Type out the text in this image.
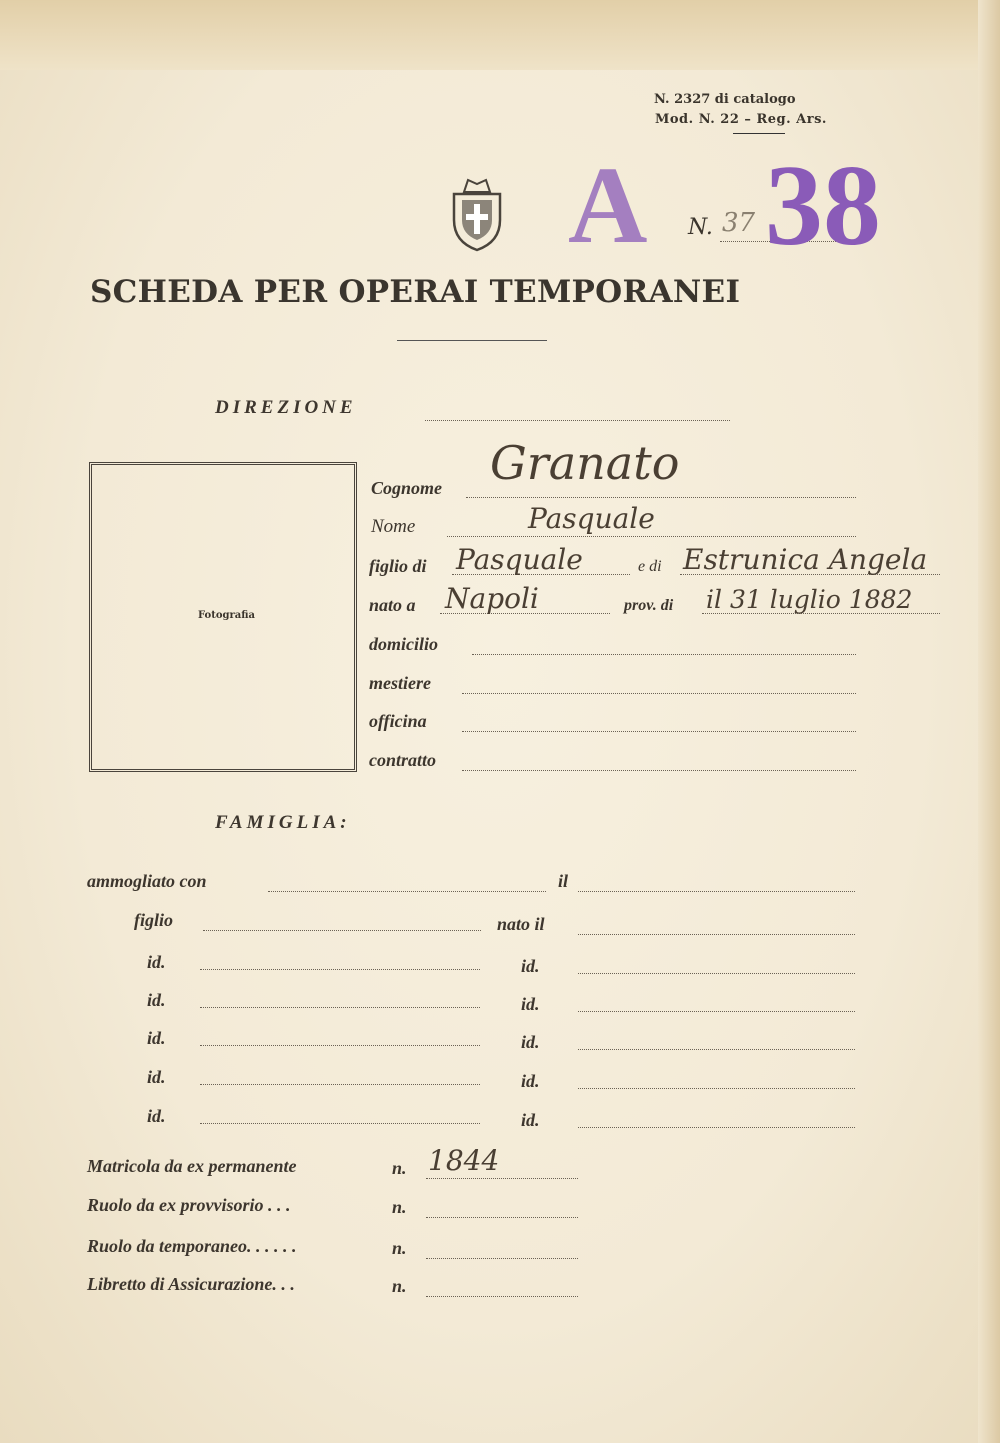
N. 2327 di catalogo
Mod. N. 22 – Reg. Ars.
A N. 37 38
SCHEDA PER OPERAI TEMPORANEI
DIREZIONE
Fotografia
Cognome Granato
Nome	Pasquale
figlio di Pasquale	e di Estrunica Angela
nato a Napoli	prov. di il 31 luglio 1882
domicilio
mestiere
officina
contratto
FAMIGLIA:
ammogliato con	il
figlio	nato il
id.	id.
id.	id.
id.	id.
id.	id.
id.	id.
Matricola da ex permanente	n. 1844
Ruolo da ex provvisorio . . .	n.
Ruolo da temporaneo. . . . . .	n.
Libretto di Assicurazione. . .	n.
